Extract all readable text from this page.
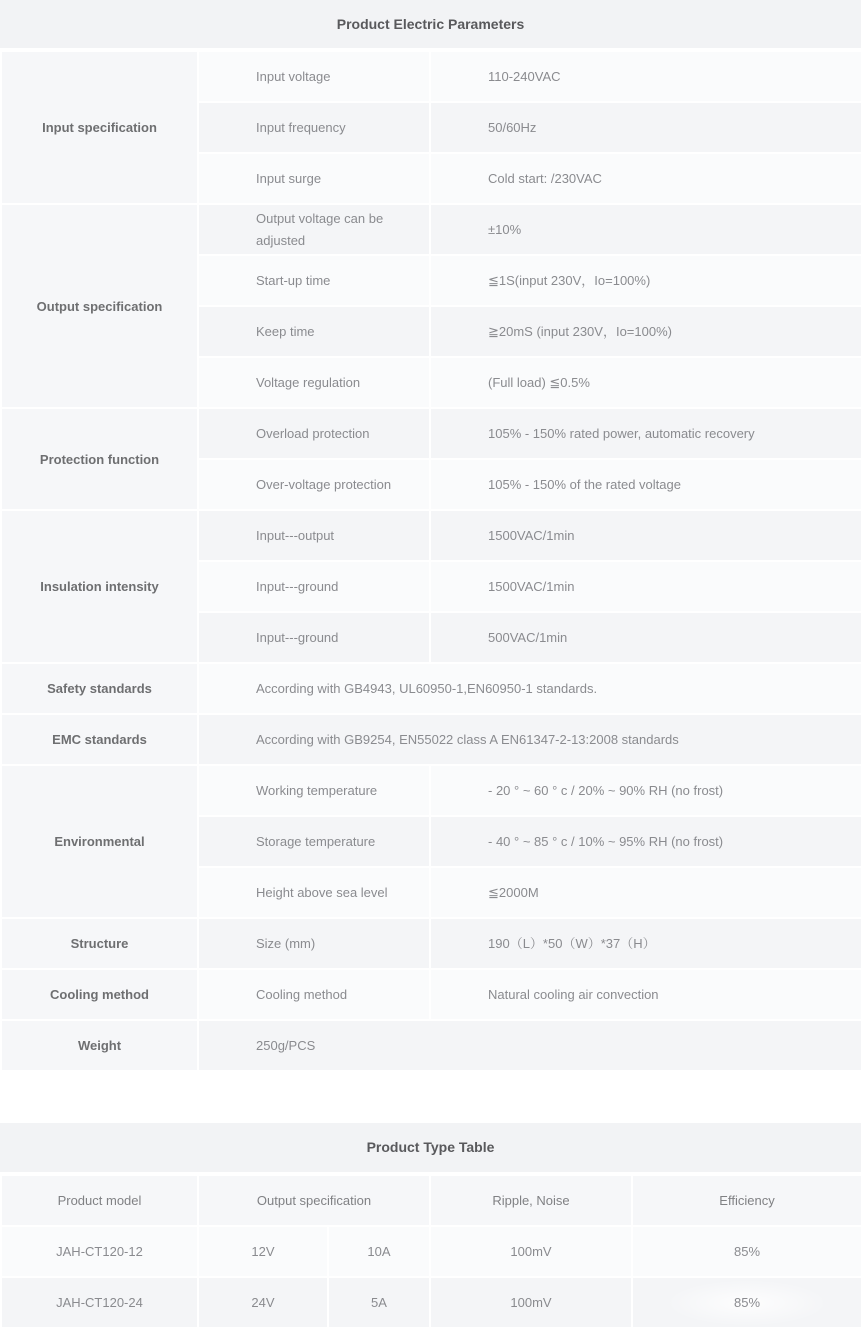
Product Electric Parameters
Input specification	Input voltage	110-240VAC
	Input frequency	50/60Hz
	Input surge	Cold start: /230VAC
Output specification	Output voltage can be adjusted	±10%
	Start-up time	≦1S(input 230V，Io=100%)
	Keep time	≧20mS (input 230V，Io=100%)
	Voltage regulation	(Full load) ≦0.5%
Protection function	Overload protection	105% - 150% rated power, automatic recovery
	Over-voltage protection	105% - 150% of the rated voltage
Insulation intensity	Input---output	1500VAC/1min
	Input---ground	1500VAC/1min
	Input---ground	500VAC/1min
Safety standards	According with GB4943, UL60950-1,EN60950-1 standards.	
EMC standards	According with GB9254, EN55022 class A EN61347-2-13:2008 standards	
Environmental	Working temperature	- 20 ° ~ 60 ° c / 20% ~ 90% RH (no frost)
	Storage temperature	- 40 ° ~ 85 ° c / 10% ~ 95% RH (no frost)
	Height above sea level	≦2000M
Structure	Size (mm)	190（L）*50（W）*37（H）
Cooling method	Cooling method	Natural cooling air convection
Weight	250g/PCS	
Product Type Table
Product model	Output specification		Ripple, Noise	Efficiency
JAH-CT120-12	12V	10A	100mV	85%
JAH-CT120-24	24V	5A	100mV	85%
